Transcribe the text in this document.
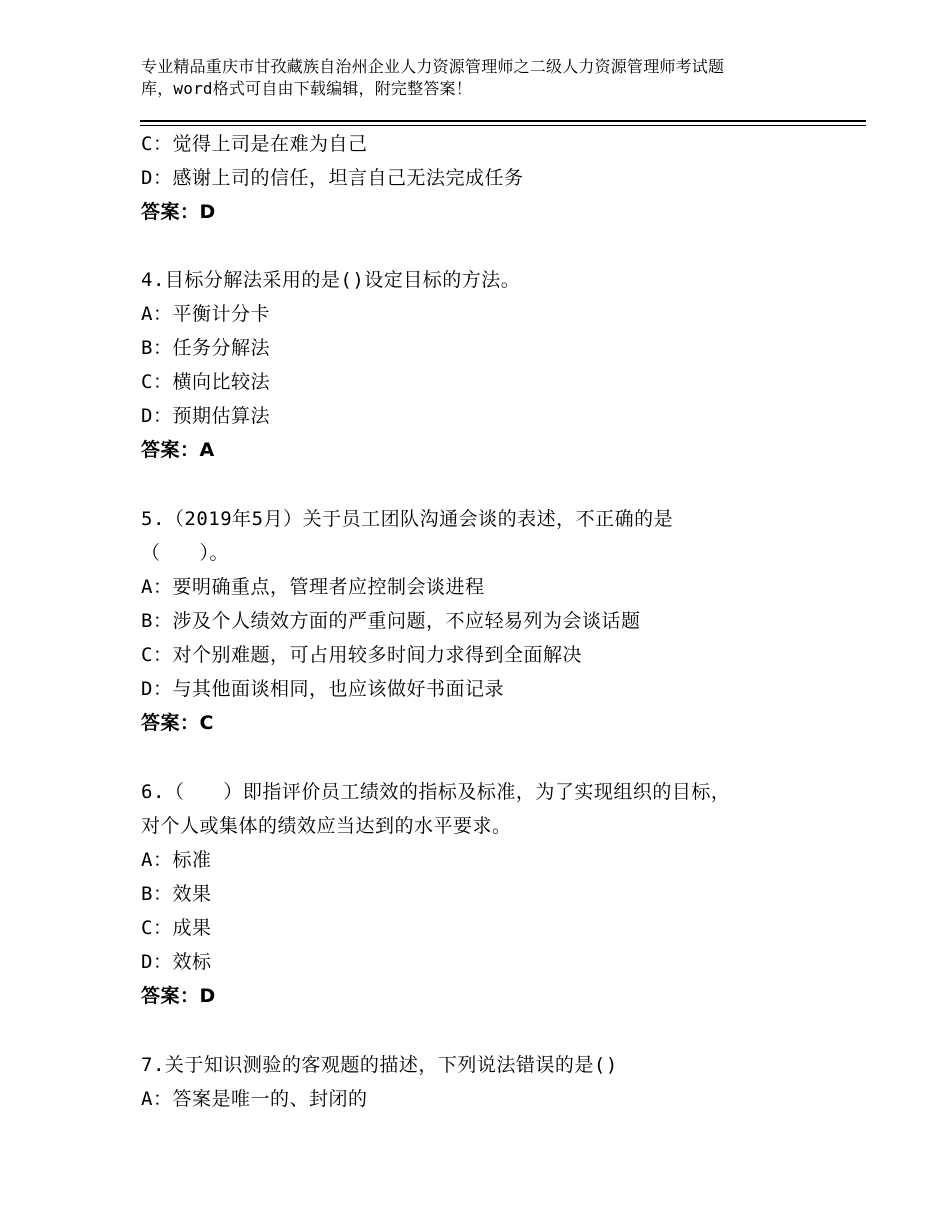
专业精品重庆市甘孜藏族自治州企业人力资源管理师之二级人力资源管理师考试题
库，word格式可自由下载编辑，附完整答案！
C：觉得上司是在难为自己
D：感谢上司的信任，坦言自己无法完成任务
答案：D
4.目标分解法采用的是()设定目标的方法。
A：平衡计分卡
B：任务分解法
C：横向比较法
D：预期估算法
答案：A
5.（2019年5月）关于员工团队沟通会谈的表述，不正确的是
（　　）。
A：要明确重点，管理者应控制会谈进程
B：涉及个人绩效方面的严重问题，不应轻易列为会谈话题
C：对个别难题，可占用较多时间力求得到全面解决
D：与其他面谈相同，也应该做好书面记录
答案：C
6.（　　）即指评价员工绩效的指标及标准，为了实现组织的目标，
对个人或集体的绩效应当达到的水平要求。
A：标准
B：效果
C：成果
D：效标
答案：D
7.关于知识测验的客观题的描述，下列说法错误的是()
A：答案是唯一的、封闭的
